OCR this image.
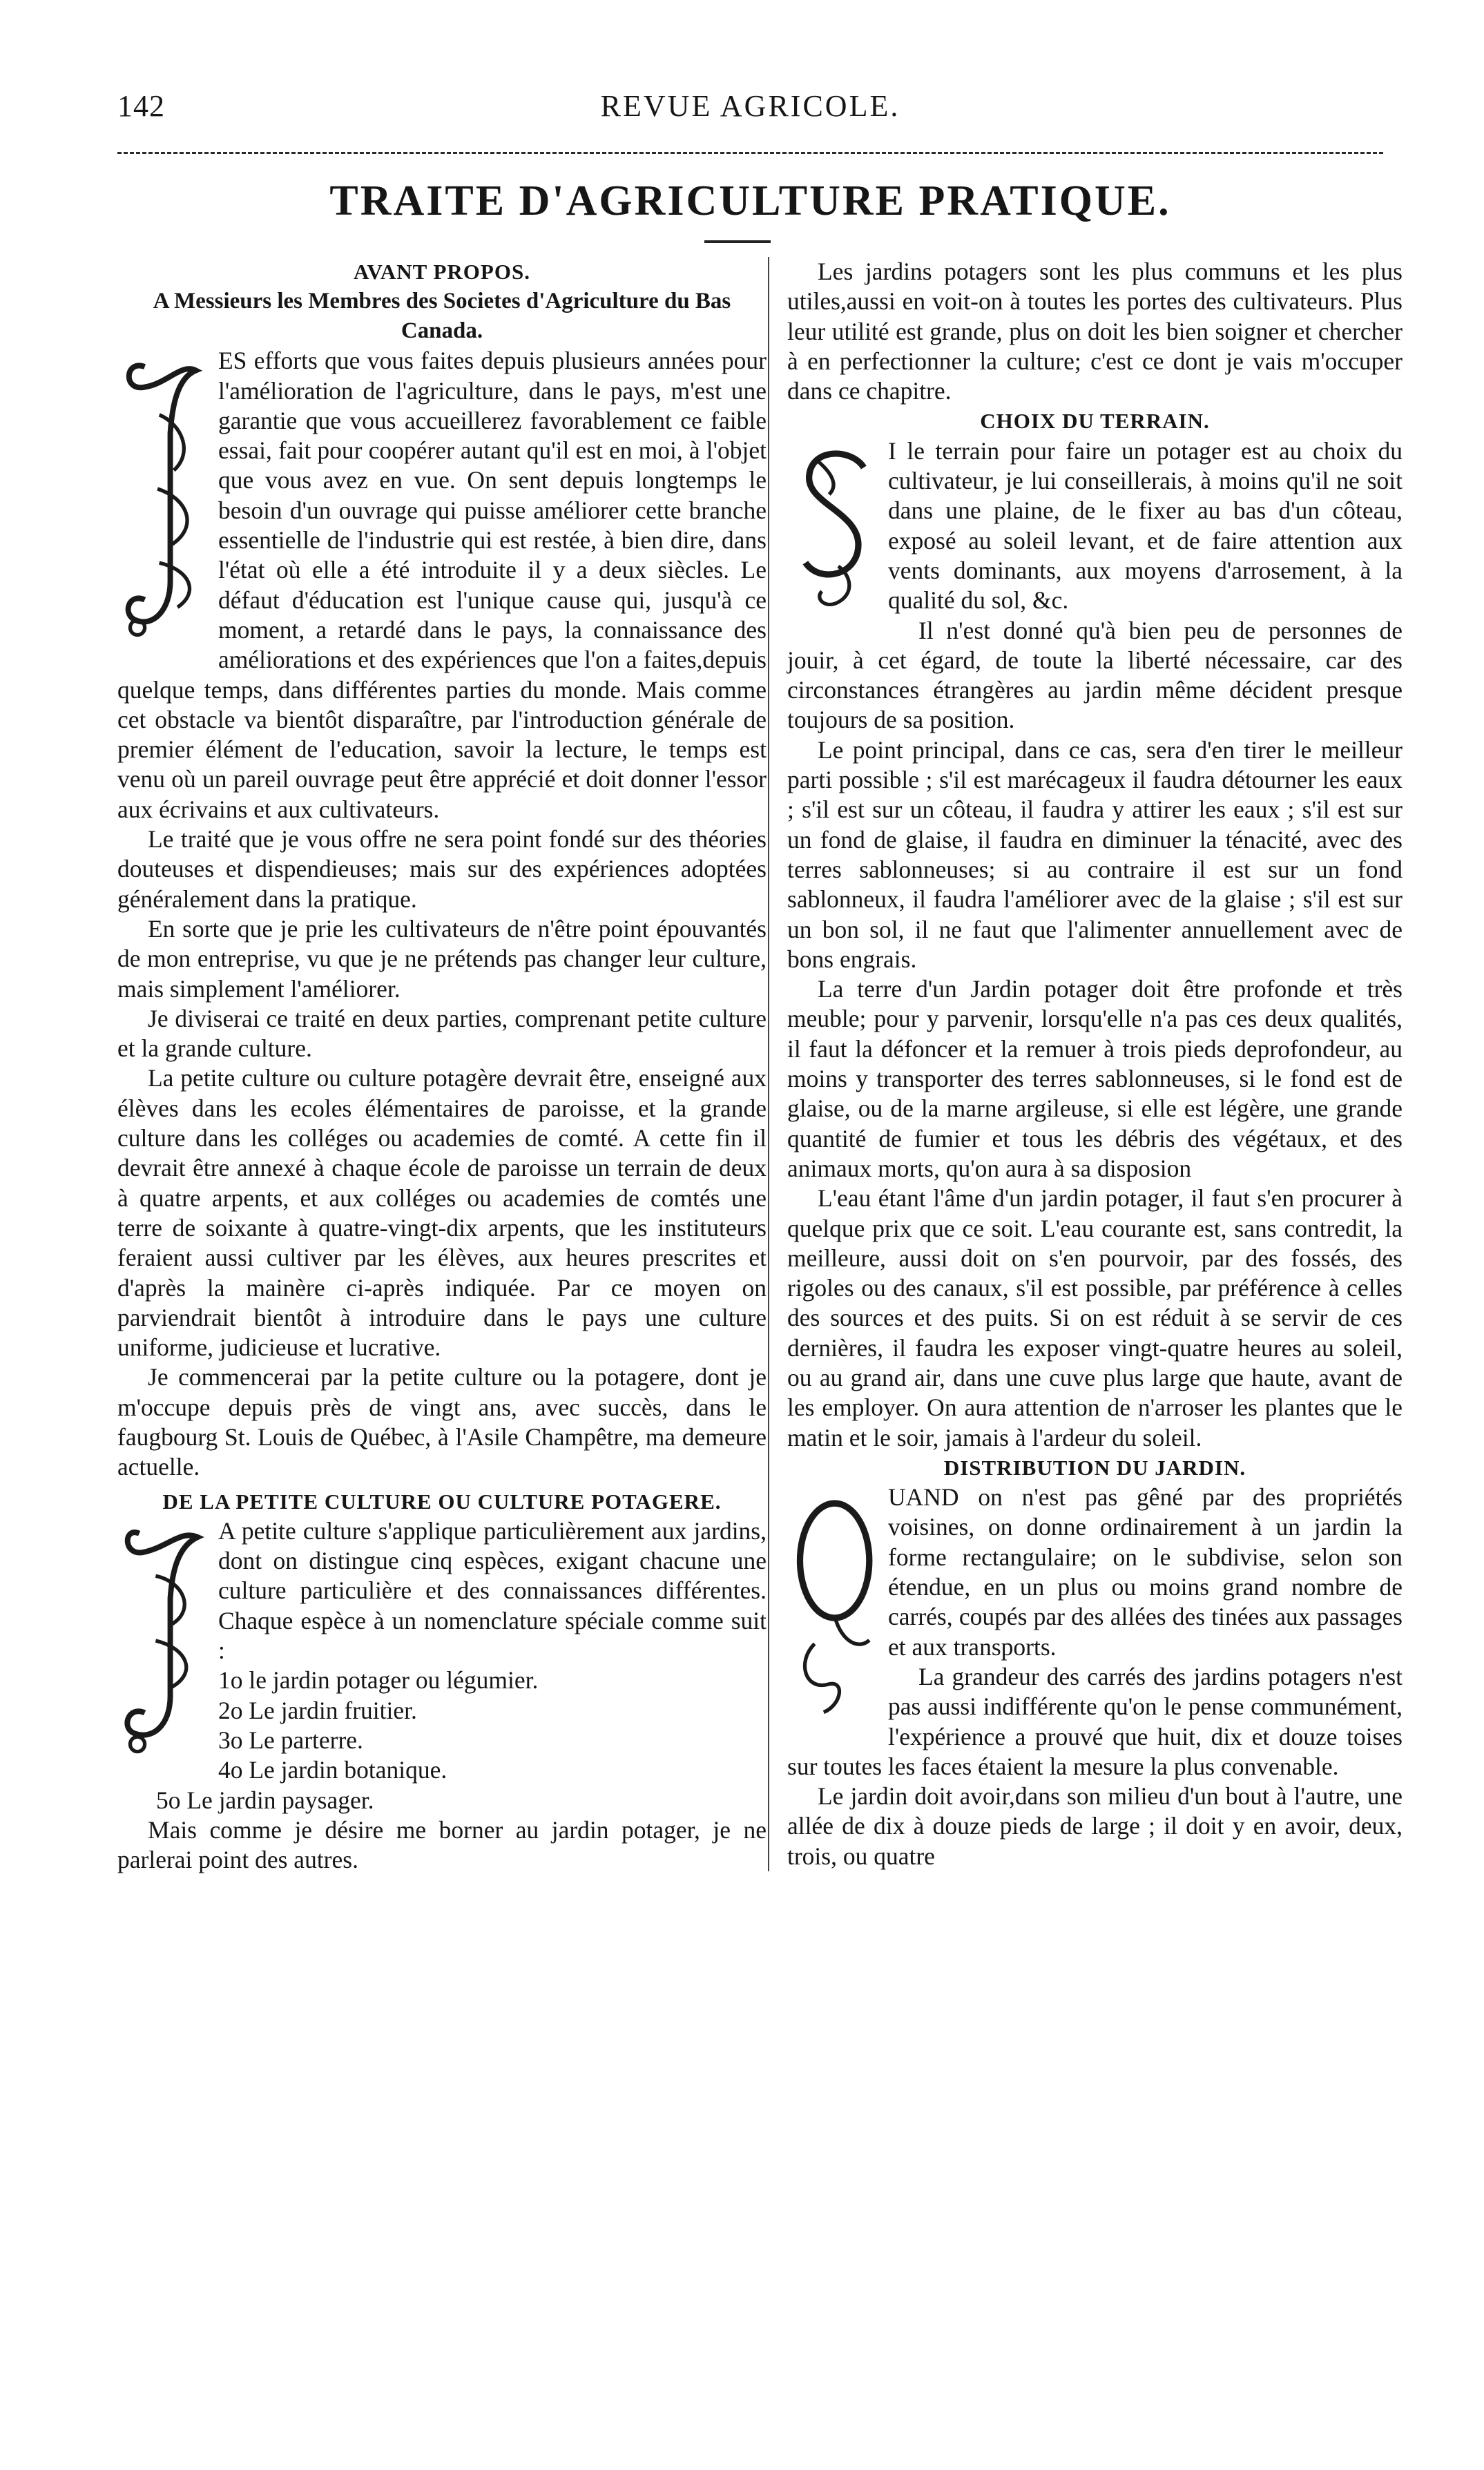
142	REVUE AGRICOLE.
TRAITE D'AGRICULTURE PRATIQUE.
AVANT PROPOS.
A Messieurs les Membres des Societes d'Agriculture du Bas Canada.

ES efforts que vous faites depuis plusieurs années pour l'amélioration de l'agriculture, dans le pays, m'est une garantie que vous accueillerez favorablement ce faible essai, fait pour coopérer autant qu'il est en moi, à l'objet que vous avez en vue. On sent depuis longtemps le besoin d'un ouvrage qui puisse améliorer cette branche essentielle de l'industrie qui est restée, à bien dire, dans l'état où elle a été introduite il y a deux siècles. Le défaut d'éducation est l'unique cause qui, jusqu'à ce moment, a retardé dans le pays, la connaissance des améliorations et des expériences que l'on a faites,depuis quelque temps, dans différentes parties du monde. Mais comme cet obstacle va bientôt disparaître, par l'introduction générale de premier élément de l'education, savoir la lecture, le temps est venu où un pareil ouvrage peut être apprécié et doit donner l'essor aux écrivains et aux cultivateurs.

Le traité que je vous offre ne sera point fondé sur des théories douteuses et dispendieuses; mais sur des expériences adoptées généralement dans la pratique.

En sorte que je prie les cultivateurs de n'être point épouvantés de mon entreprise, vu que je ne prétends pas changer leur culture, mais simplement l'améliorer.

Je diviserai ce traité en deux parties, comprenant petite culture et la grande culture.

La petite culture ou culture potagère devrait être, enseigné aux élèves dans les ecoles élémentaires de paroisse, et la grande culture dans les colléges ou academies de comté. A cette fin il devrait être annexé à chaque école de paroisse un terrain de deux à quatre arpents, et aux colléges ou academies de comtés une terre de soixante à quatre-vingt-dix arpents, que les instituteurs feraient aussi cultiver par les élèves, aux heures prescrites et d'après la mainère ci-après indiquée. Par ce moyen on parviendrait bientôt à introduire dans le pays une culture uniforme, judicieuse et lucrative.

Je commencerai par la petite culture ou la potagere, dont je m'occupe depuis près de vingt ans, avec succès, dans le faugbourg St. Louis de Québec, à l'Asile Champêtre, ma demeure actuelle.

DE LA PETITE CULTURE OU CULTURE POTAGERE.

A petite culture s'applique particulièrement aux jardins, dont on distingue cinq espèces, exigant chacune une culture particulière et des connaissances différentes. Chaque espèce à un nomenclature spéciale comme suit :

1o le jardin potager ou légumier.
2o Le jardin fruitier.
3o Le parterre.
4o Le jardin botanique.
5o Le jardin paysager.

Mais comme je désire me borner au jardin potager, je ne parlerai point des autres.

Les jardins potagers sont les plus communs et les plus utiles,aussi en voit-on à toutes les portes des cultivateurs. Plus leur utilité est grande, plus on doit les bien soigner et chercher à en perfectionner la culture; c'est ce dont je vais m'occuper dans ce chapitre.

CHOIX DU TERRAIN.

I le terrain pour faire un potager est au choix du cultivateur, je lui conseillerais, à moins qu'il ne soit dans une plaine, de le fixer au bas d'un côteau, exposé au soleil levant, et de faire attention aux vents dominants, aux moyens d'arrosement, à la qualité du sol, &c.

Il n'est donné qu'à bien peu de personnes de jouir, à cet égard, de toute la liberté nécessaire, car des circonstances étrangères au jardin même décident presque toujours de sa position.

Le point principal, dans ce cas, sera d'en tirer le meilleur parti possible ; s'il est marécageux il faudra détourner les eaux ; s'il est sur un côteau, il faudra y attirer les eaux ; s'il est sur un fond de glaise, il faudra en diminuer la ténacité, avec des terres sablonneuses; si au contraire il est sur un fond sablonneux, il faudra l'améliorer avec de la glaise ; s'il est sur un bon sol, il ne faut que l'alimenter annuellement avec de bons engrais.

La terre d'un Jardin potager doit être profonde et très meuble; pour y parvenir, lorsqu'elle n'a pas ces deux qualités, il faut la défoncer et la remuer à trois pieds deprofondeur, au moins y transporter des terres sablonneuses, si le fond est de glaise, ou de la marne argileuse, si elle est légère, une grande quantité de fumier et tous les débris des végétaux, et des animaux morts, qu'on aura à sa disposion

L'eau étant l'âme d'un jardin potager, il faut s'en procurer à quelque prix que ce soit. L'eau courante est, sans contredit, la meilleure, aussi doit on s'en pourvoir, par des fossés, des rigoles ou des canaux, s'il est possible, par préférence à celles des sources et des puits. Si on est réduit à se servir de ces dernières, il faudra les exposer vingt-quatre heures au soleil, ou au grand air, dans une cuve plus large que haute, avant de les employer. On aura attention de n'arroser les plantes que le matin et le soir, jamais à l'ardeur du soleil.

DISTRIBUTION DU JARDIN.

UAND on n'est pas gêné par des propriétés voisines, on donne ordinairement à un jardin la forme rectangulaire; on le subdivise, selon son étendue, en un plus ou moins grand nombre de carrés, coupés par des allées des tinées aux passages et aux transports.

La grandeur des carrés des jardins potagers n'est pas aussi indifférente qu'on le pense communément, l'expérience a prouvé que huit, dix et douze toises sur toutes les faces étaient la mesure la plus convenable.

Le jardin doit avoir,dans son milieu d'un bout à l'autre, une allée de dix à douze pieds de large ; il doit y en avoir, deux, trois, ou quatre
